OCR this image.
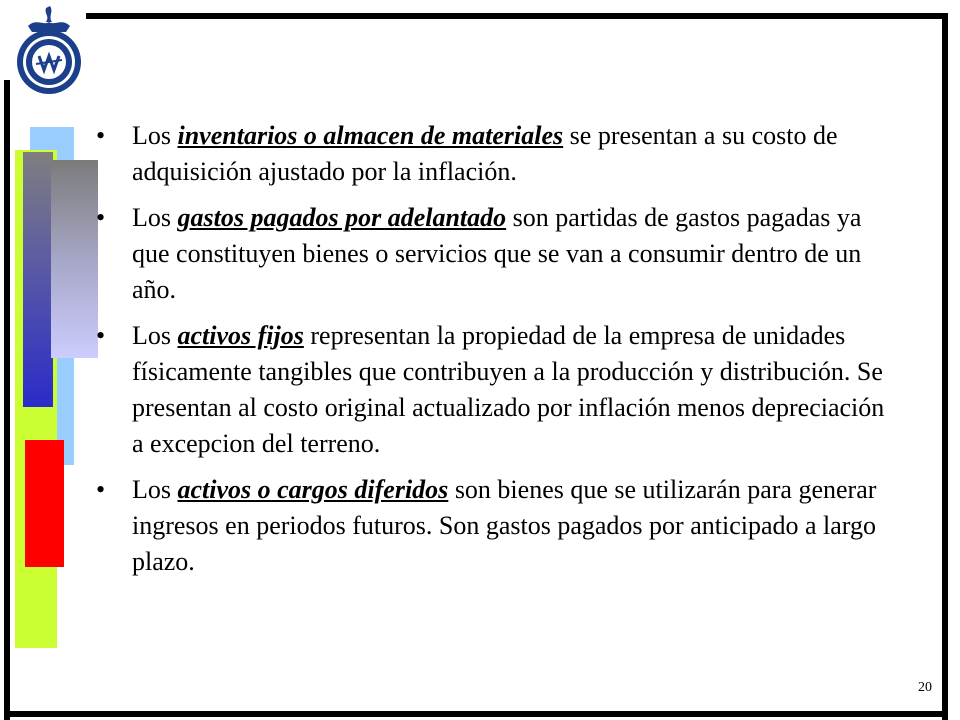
•	Los inventarios o almacen de materiales se presentan a su costo de adquisición ajustado por la inflación.
•	Los gastos pagados por adelantado son partidas de gastos pagadas ya que constituyen bienes o servicios que se van a consumir dentro de un año.
•	Los activos fijos representan la propiedad de la empresa de unidades físicamente tangibles que contribuyen a la producción y distribución. Se presentan al costo original actualizado por inflación menos depreciación a excepcion del terreno.
•	Los activos o cargos diferidos son bienes que se utilizarán para generar ingresos en periodos futuros. Son gastos pagados por anticipado a largo plazo.
20
